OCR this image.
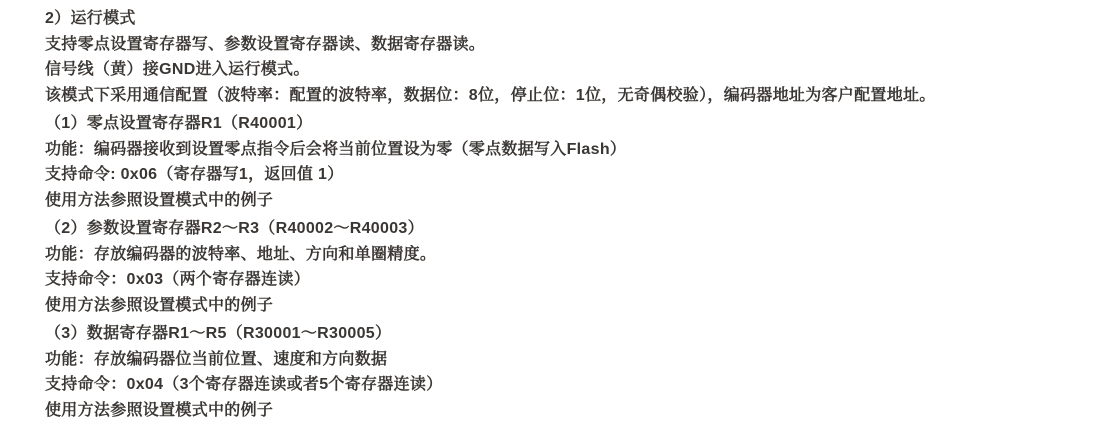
2）运行模式
支持零点设置寄存器写、参数设置寄存器读、数据寄存器读。
信号线（黄）接GND进入运行模式。
该模式下采用通信配置（波特率：配置的波特率，数据位：8位，停止位：1位，无奇偶校验），编码器地址为客户配置地址。
（1）零点设置寄存器R1（R40001）
功能：编码器接收到设置零点指令后会将当前位置设为零（零点数据写入Flash）
支持命令: 0x06（寄存器写1，返回值 1）
使用方法参照设置模式中的例子
（2）参数设置寄存器R2～R3（R40002～R40003）
功能：存放编码器的波特率、地址、方向和单圈精度。
支持命令：0x03（两个寄存器连读）
使用方法参照设置模式中的例子
（3）数据寄存器R1～R5（R30001～R30005）
功能：存放编码器位当前位置、速度和方向数据
支持命令：0x04（3个寄存器连读或者5个寄存器连读）
使用方法参照设置模式中的例子
